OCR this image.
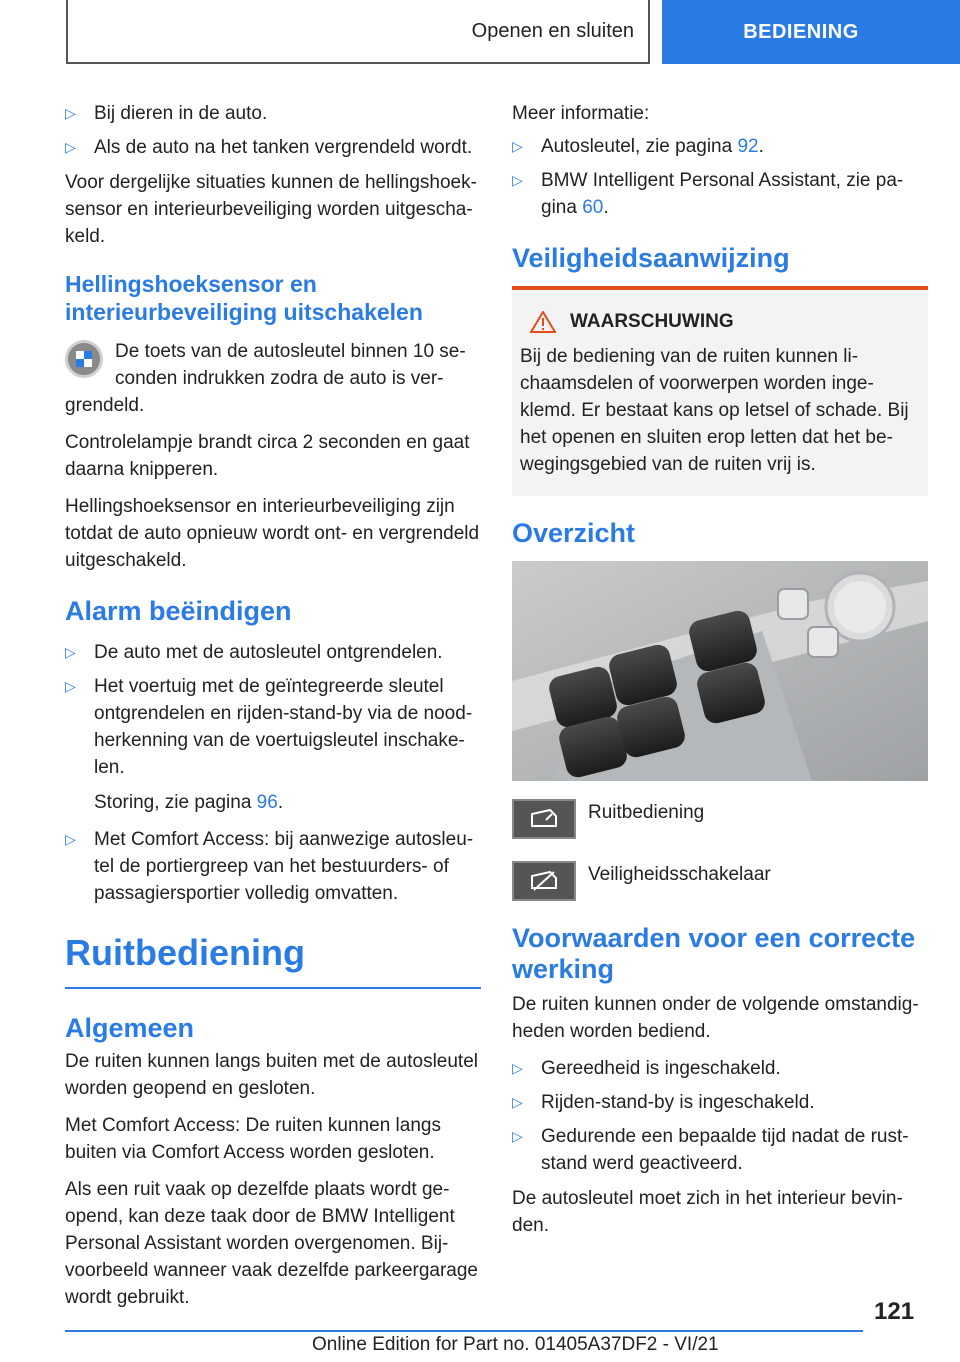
Openen en sluiten	BEDIENING
▷ Bij dieren in de auto.
▷ Als de auto na het tanken vergrendeld wordt.

Voor dergelijke situaties kunnen de hellingshoeksensor en interieurbeveiliging worden uitgeschakeld.

Hellingshoeksensor en interieurbeveiliging uitschakelen

De toets van de autosleutel binnen 10 seconden indrukken zodra de auto is vergrendeld.

Controlelampje brandt circa 2 seconden en gaat daarna knipperen.

Hellingshoeksensor en interieurbeveiliging zijn totdat de auto opnieuw wordt ont- en vergrendeld uitgeschakeld.

Alarm beëindigen
▷ De auto met de autosleutel ontgrendelen.
▷ Het voertuig met de geïntegreerde sleutel ontgrendelen en rijden-stand-by via de noodherkenning van de voertuigsleutel inschakelen.

Storing, zie pagina 96.

▷ Met Comfort Access: bij aanwezige autosleutel de portiergreep van het bestuurders- of passagiersportier volledig omvatten.
Ruitbediening
Algemeen

De ruiten kunnen langs buiten met de autosleutel worden geopend en gesloten.

Met Comfort Access: De ruiten kunnen langs buiten via Comfort Access worden gesloten.

Als een ruit vaak op dezelfde plaats wordt geopend, kan deze taak door de BMW Intelligent Personal Assistant worden overgenomen. Bijvoorbeeld wanneer vaak dezelfde parkeergarage wordt gebruikt.

Meer informatie:

▷ Autosleutel, zie pagina 92.
▷ BMW Intelligent Personal Assistant, zie pagina 60.
Veiligheidsaanwijzing
WAARSCHUWING

Bij de bediening van de ruiten kunnen lichaamsdelen of voorwerpen worden ingeklemd. Er bestaat kans op letsel of schade. Bij het openen en sluiten erop letten dat het bewegingsgebied van de ruiten vrij is.

Overzicht
Ruitbediening
Veiligheidsschakelaar
Voorwaarden voor een correcte werking

De ruiten kunnen onder de volgende omstandigheden worden bediend.

▷ Gereedheid is ingeschakeld.
▷ Rijden-stand-by is ingeschakeld.
▷ Gedurende een bepaalde tijd nadat de ruststand werd geactiveerd.

De autosleutel moet zich in het interieur bevinden.

121
Online Edition for Part no. 01405A37DF2 - VI/21
